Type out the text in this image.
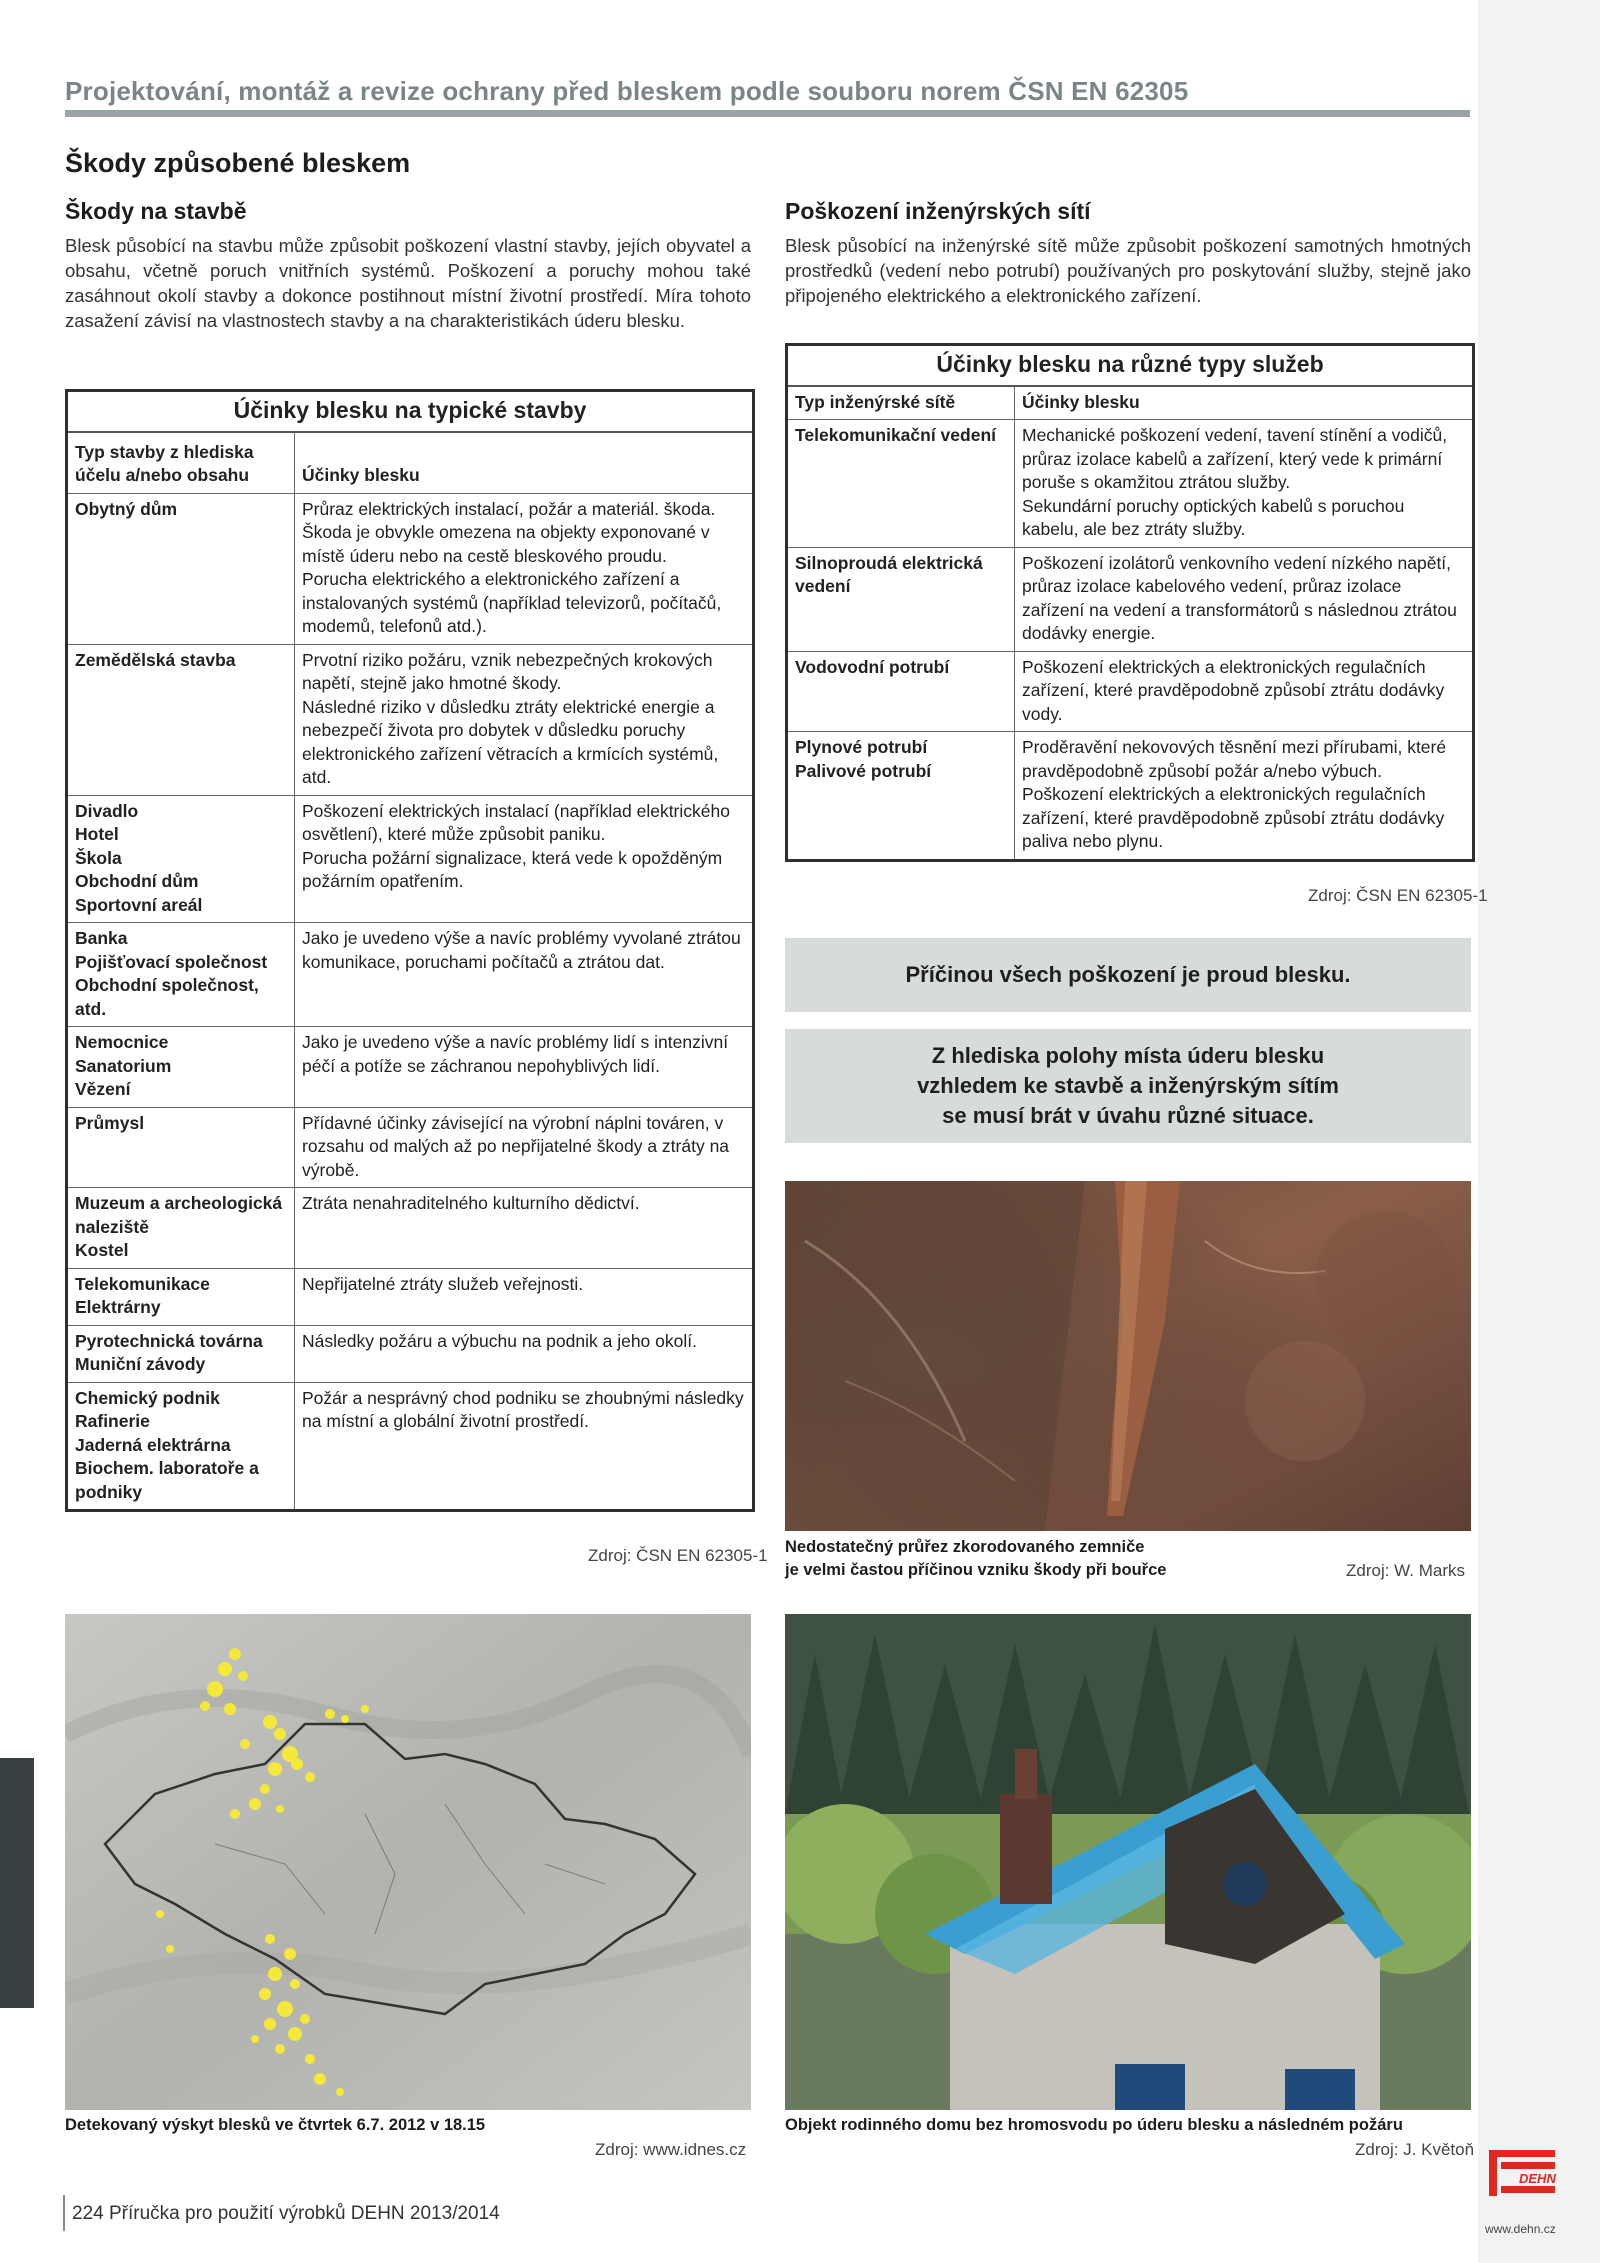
Projektování, montáž a revize ochrany před bleskem podle souboru norem ČSN EN 62305
Škody způsobené bleskem
Škody na stavbě
Blesk působící na stavbu může způsobit poškození vlastní stavby, jejích obyvatel a obsahu, včetně poruch vnitřních systémů. Poškození a poruchy mohou také zasáhnout okolí stavby a dokonce postihnout místní životní prostředí. Míra tohoto zasažení závisí na vlastnostech stavby a na charakteristikách úderu blesku.
Poškození inženýrských sítí
Blesk působící na inženýrské sítě může způsobit poškození samotných hmotných prostředků (vedení nebo potrubí) používaných pro poskytování služby, stejně jako připojeného elektrického a elektronického zařízení.
Účinky blesku na typické stavby	
Typ stavby z hlediska účelu a/nebo obsahu	Účinky blesku

Obytný dům	Průraz elektrických instalací, požár a materiál. škoda.
Škoda je obvykle omezena na objekty exponované v místě úderu nebo na cestě bleskového proudu.
Porucha elektrického a elektronického zařízení a instalovaných systémů (například televizorů, počítačů, modemů, telefonů atd.).

Zemědělská stavba	Prvotní riziko požáru, vznik nebezpečných krokových napětí, stejně jako hmotné škody.
Následné riziko v důsledku ztráty elektrické energie a nebezpečí života pro dobytek v důsledku poruchy elektronického zařízení větracích a krmících systémů, atd.

Divadlo
Hotel
Škola
Obchodní dům
Sportovní areál	Poškození elektrických instalací (například elektrického osvětlení), které může způsobit paniku.
Porucha požární signalizace, která vede k opožděným požárním opatřením.

Banka
Pojišťovací společnost
Obchodní společnost, atd.	Jako je uvedeno výše a navíc problémy vyvolané ztrátou komunikace, poruchami počítačů a ztrátou dat.

Nemocnice
Sanatorium
Vězení	Jako je uvedeno výše a navíc problémy lidí s intenzivní péčí a potíže se záchranou nepohyblivých lidí.

Průmysl	Přídavné účinky závisející na výrobní náplni továren, v rozsahu od malých až po nepřijatelné škody a ztráty na výrobě.

Muzeum a archeologická naleziště
Kostel	Ztráta nenahraditelného kulturního dědictví.

Telekomunikace
Elektrárny	Nepřijatelné ztráty služeb veřejnosti.

Pyrotechnická továrna
Muniční závody	Následky požáru a výbuchu na podnik a jeho okolí.

Chemický podnik
Rafinerie
Jaderná elektrárna
Biochem. laboratoře a podniky	Požár a nesprávný chod podniku se zhoubnými následky na místní a globální životní prostředí.
Zdroj: ČSN EN 62305-1
Účinky blesku na různé typy služeb	
Typ inženýrské sítě	Účinky blesku

Telekomunikační vedení	Mechanické poškození vedení, tavení stínění a vodičů, průraz izolace kabelů a zařízení, který vede k primární poruše s okamžitou ztrátou služby.
Sekundární poruchy optických kabelů s poruchou kabelu, ale bez ztráty služby.

Silnoproudá elektrická vedení	Poškození izolátorů venkovního vedení nízkého napětí, průraz izolace kabelového vedení, průraz izolace zařízení na vedení a transformátorů s následnou ztrátou dodávky energie.

Vodovodní potrubí	Poškození elektrických a elektronických regulačních zařízení, které pravděpodobně způsobí ztrátu dodávky vody.

Plynové potrubí
Palivové potrubí	Proděravění nekovových těsnění mezi přírubami, které pravděpodobně způsobí požár a/nebo výbuch.
Poškození elektrických a elektronických regulačních zařízení, které pravděpodobně způsobí ztrátu dodávky paliva nebo plynu.
Zdroj: ČSN EN 62305-1
Příčinou všech poškození je proud blesku.
Z hlediska polohy místa úderu blesku
vzhledem ke stavbě a inženýrským sítím
se musí brát v úvahu různé situace.
Nedostatečný průřez zkorodovaného zemniče
je velmi častou příčinou vzniku škody při bouřce	Zdroj: W. Marks
Detekovaný výskyt blesků ve čtvrtek 6.7. 2012 v 18.15
Zdroj: www.idnes.cz
Objekt rodinného domu bez hromosvodu po úderu blesku a následném požáru
Zdroj: J. Květoň
224 Příručka pro použití výrobků DEHN 2013/2014
DEHN
www.dehn.cz
